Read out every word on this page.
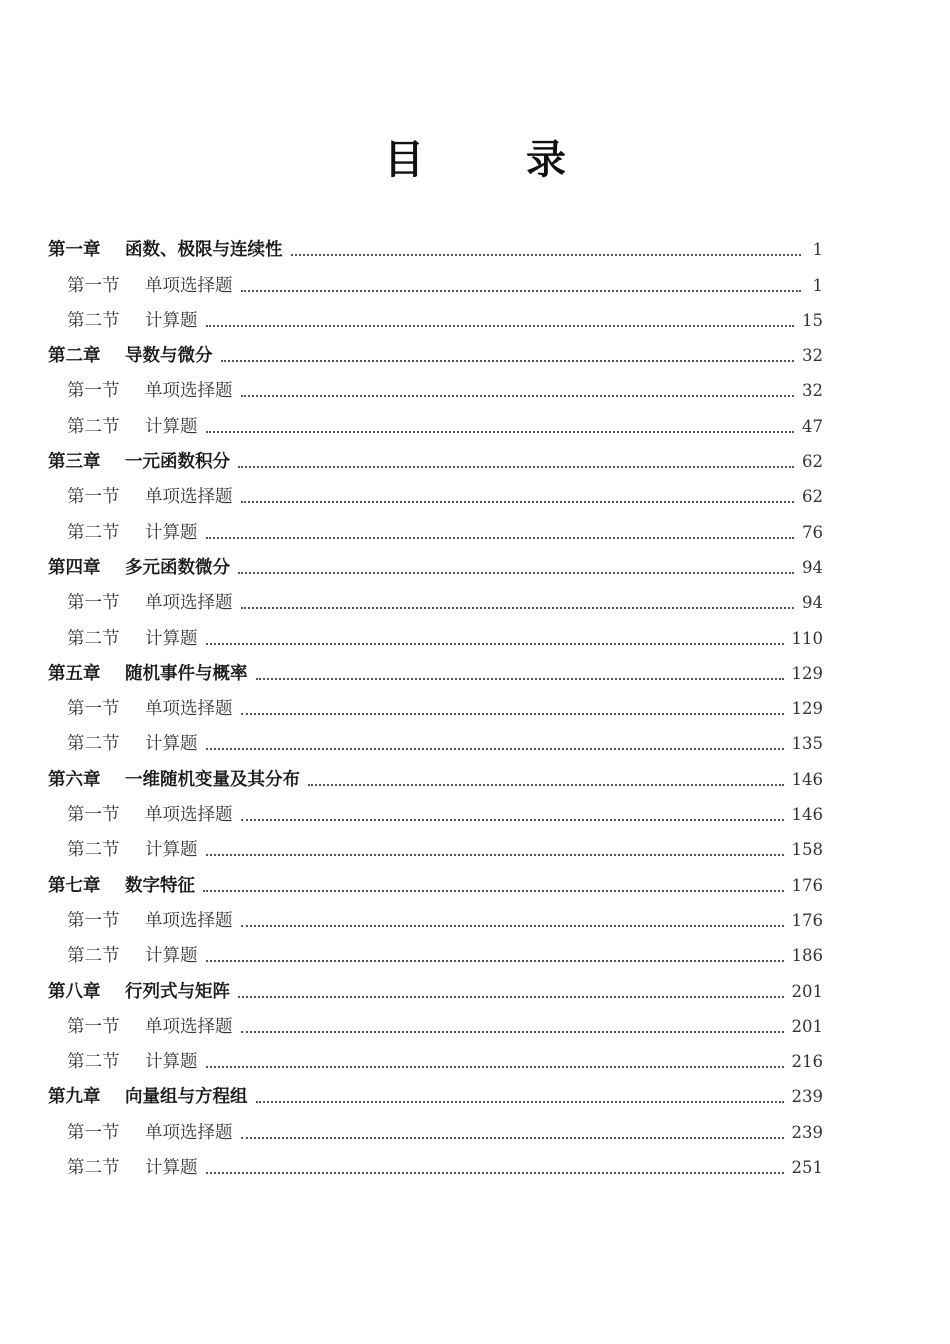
目 录
第一章	函数、极限与连续性	1
第一节	单项选择题	1
第二节	计算题	15
第二章	导数与微分	32
第一节	单项选择题	32
第二节	计算题	47
第三章	一元函数积分	62
第一节	单项选择题	62
第二节	计算题	76
第四章	多元函数微分	94
第一节	单项选择题	94
第二节	计算题	110
第五章	随机事件与概率	129
第一节	单项选择题	129
第二节	计算题	135
第六章	一维随机变量及其分布	146
第一节	单项选择题	146
第二节	计算题	158
第七章	数字特征	176
第一节	单项选择题	176
第二节	计算题	186
第八章	行列式与矩阵	201
第一节	单项选择题	201
第二节	计算题	216
第九章	向量组与方程组	239
第一节	单项选择题	239
第二节	计算题	251
